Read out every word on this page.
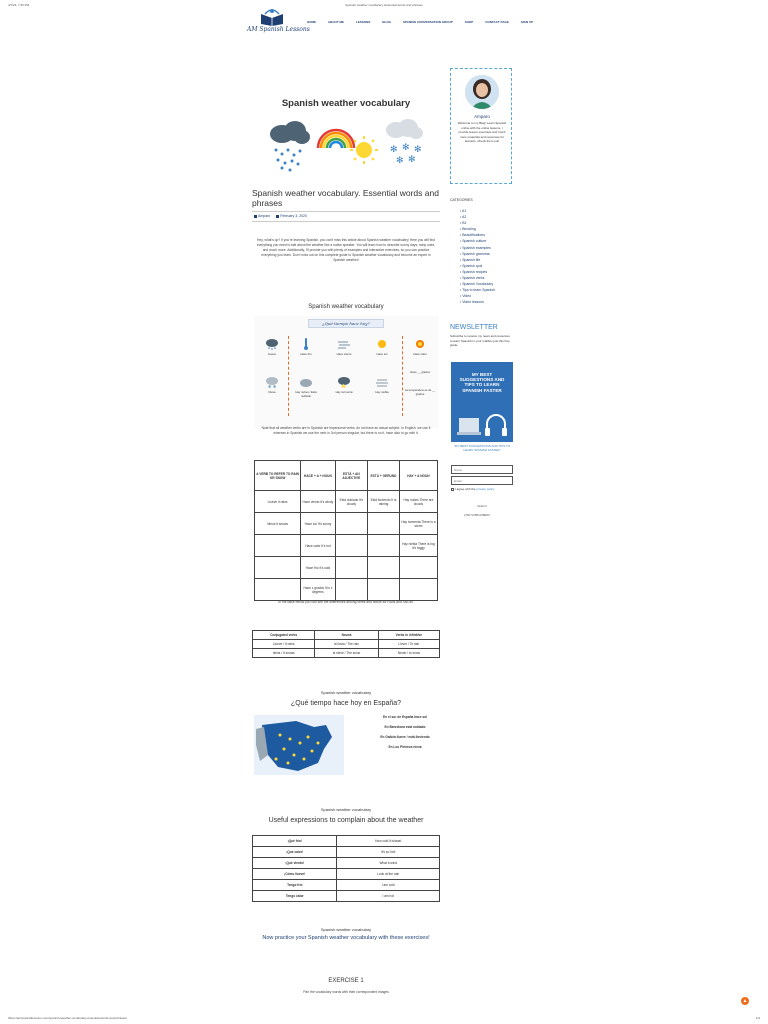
4/7/24, 7:46 PM	Spanish weather vocabulary. Essential words and phrases
AM Spanish Lessons
HOME	ABOUT ME	LESSONS	BLOG	SPANISH CONVERSATION GROUP	SHOP	CONTACT PAGE	SIGN UP
Spanish weather vocabulary
✻ ✻ ✻
✻ ✻
Spanish weather vocabulary. Essential words and phrases
Amparo	February 3, 2020

Hey, what's up? If you're learning Spanish, you can't miss this article about Spanish weather vocabulary! Here you will find everything you need to talk about the weather like a native speaker. You will learn how to describe sunny days, rainy ones, and much more. Additionally, I'll provide you with plenty of examples and interactive exercises, so you can practice everything you learn. Don't miss out on this complete guide to Spanish weather vocabulary and become an expert in Spanish weather!

Spanish weather vocabulary
¿Qué tiempo hace hoy?
Llueve	Hace frío	Hace viento	Hace sol	Hace calor
✻ ✻
Nieva	Hay nubes / Está nublado
Hay tormenta	Hay niebla
Hace __ grados
La temperatura es de __ grados

Note that all weather verbs are in Spanish are impersonal verbs, do not have an actual subject. In English, we use it whereas in Spanish we use the verb in 3rd person singular, but there is no it, hace also to go with it.

A VERB TO REFER TO RAIN OR SNOW	HACE + A + NOUN	ESTÁ + AN ADJECTIVE	ESTÁ + GERUND	HAY + A NOUN
Llueve It rains	Hace viento It's windy	Está nublado It's cloudy	Está lloviendo It is raining	Hay nubes There are clouds
Nieva It snows	Hace sol It's sunny			Hay tormenta There is a storm
	Hace calor It's hot			Hay niebla There is fog It's foggy
	Hace frío It's cold			
	Hace x grados It is x degrees			

In the table below you can see the differences among verbs and nouns for RAIN and SNOW.

Conjugated verbs	Nouns	Verbs in infinitive
Llueve / It rains	la lluvia / The rain	Llover / To rain
nieva / It snows	la nieve / The snow	Nevar / to snow
Spanish weather vocabulary
¿Qué tiempo hace hoy en España?

En el sur de España hace sol

En Barcelona está nublado

En Galicia llueve / está lloviendo

En Los Pirineos nieva

Spanish weather vocabulary
Useful expressions to complain about the weather
¡Qué frío!	How cold it is/was!
¡Qué calor!	It's so hot!
¡Qué viento!	What a wind
¡Cómo llueve!	Look at the rain
Tengo frío	I am cold
Tengo calor	I am hot
Spanish weather vocabulary
Now practice your Spanish weather vocabulary with these exercises!
EXERCISE 1
Pair the vocabulary words with their correspondent images
Amparo
Welcome to my Blog! Learn Spanish online with the online lessons. I provide lesson exercises and much more materials and resources for learners. Check them out!
CATEGORIES
• A1
• A2
• B1
• Beooling
• Beautifications
• Spanish culture
• Spanish examples
• Spanish grammar
• Spanish life
• Spanish quiz
• Spanish recipes
• Spanish verbs
• Spanish Vocabulary
• Tips to learn Spanish
• Video
• Video lessons
NEWSLETTER
Subscribe to receive my news and resources to learn Spanish in your mailbox just this free guide.
MY BEST SUGGESTIONS AND TIPS TO LEARN SPANISH FASTER
"MY BEST SUGGESTIONS AND TIPS TO LEARN SPANISH FASTER"
Name
Email
I agree with the privacy policy
Submit
2,560 SUBSCRIBERS
▲
https://amspanishlessons.com/spanish-weather-vocabulary-essential-words-and-phrases/	1/4
